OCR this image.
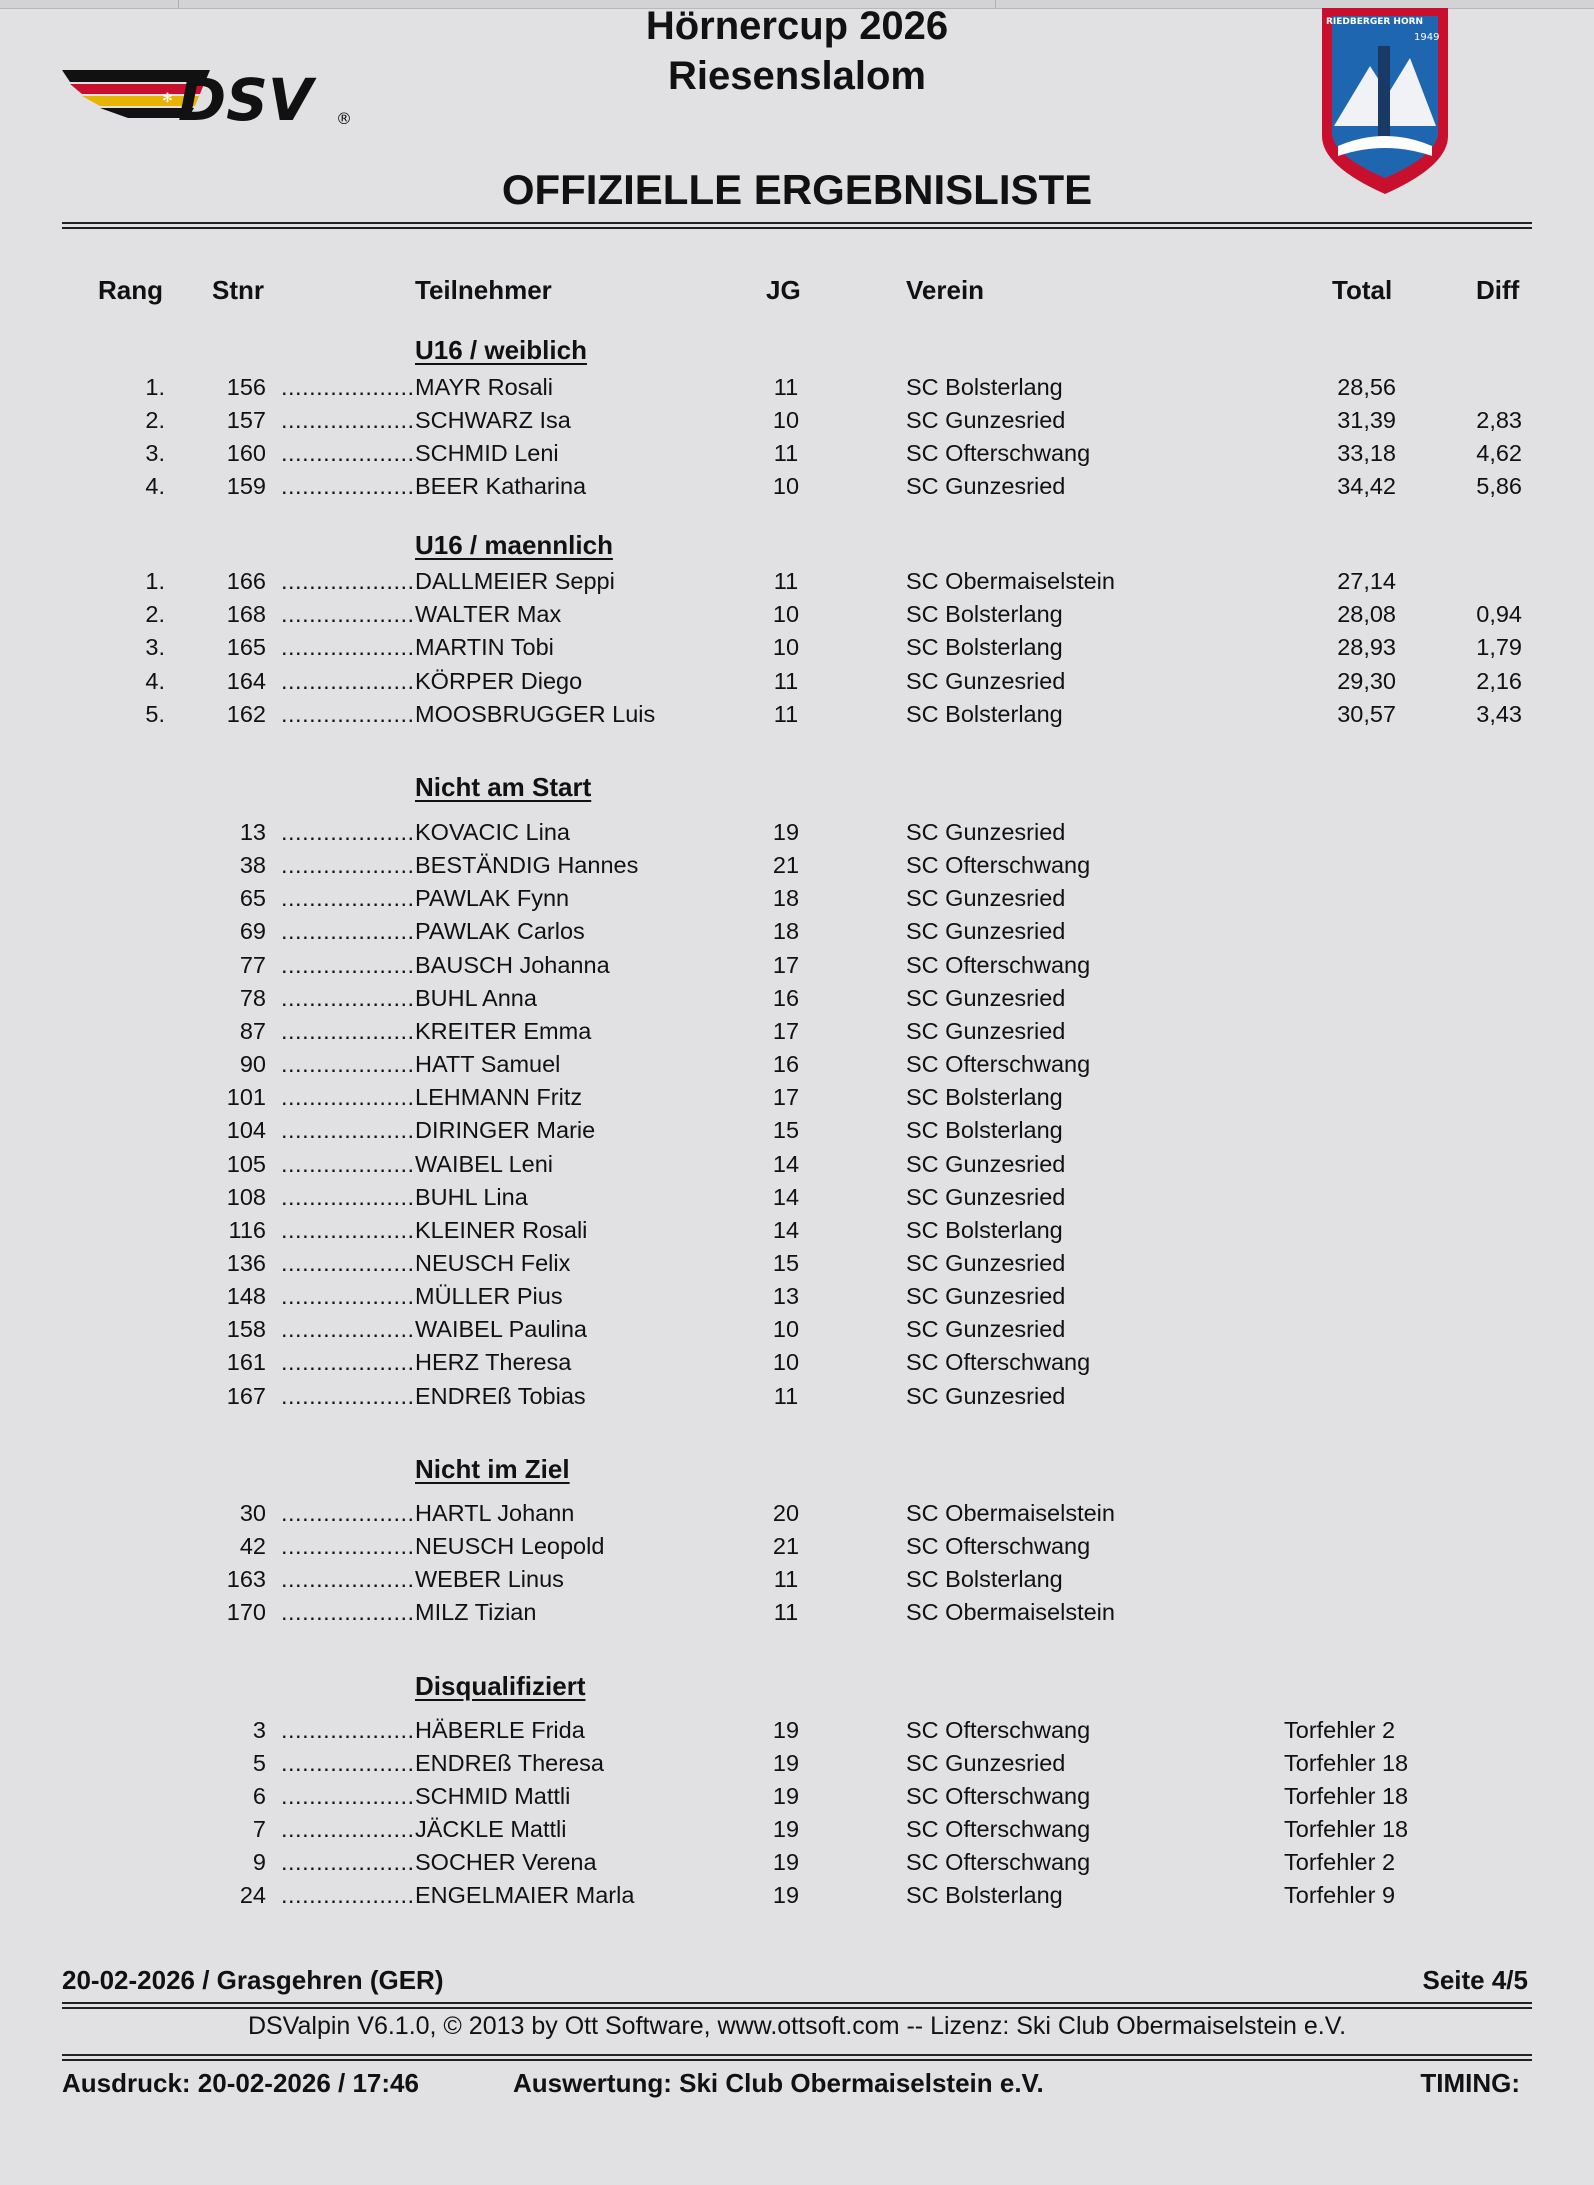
Hörnercup 2026
Riesenslalom
✻ DSV ®
RIEDBERGER HORN
1949
OFFIZIELLE ERGEBNISLISTE
Rang Stnr	Teilnehmer	JG	Verein	Total	Diff
U16 / weiblich
1.	156 ................... MAYR Rosali	11	SC Bolsterlang	28,56
2.	157 ................... SCHWARZ Isa	10	SC Gunzesried	31,39	2,83
3.	160 ................... SCHMID Leni	11	SC Ofterschwang	33,18	4,62
4.	159 ................... BEER Katharina	10	SC Gunzesried	34,42	5,86
U16 / maennlich
1.	166 ................... DALLMEIER Seppi	11	SC Obermaiselstein	27,14
2.	168 ................... WALTER Max	10	SC Bolsterlang	28,08	0,94
3.	165 ................... MARTIN Tobi	10	SC Bolsterlang	28,93	1,79
4.	164 ................... KÖRPER Diego	11	SC Gunzesried	29,30	2,16
5.	162 ................... MOOSBRUGGER Luis	11	SC Bolsterlang	30,57	3,43
Nicht am Start
13 ................... KOVACIC Lina	19	SC Gunzesried
38 ................... BESTÄNDIG Hannes	21	SC Ofterschwang
65 ................... PAWLAK Fynn	18	SC Gunzesried
69 ................... PAWLAK Carlos	18	SC Gunzesried
77 ................... BAUSCH Johanna	17	SC Ofterschwang
78 ................... BUHL Anna	16	SC Gunzesried
87 ................... KREITER Emma	17	SC Gunzesried
90 ................... HATT Samuel	16	SC Ofterschwang
101 ................... LEHMANN Fritz	17	SC Bolsterlang
104 ................... DIRINGER Marie	15	SC Bolsterlang
105 ................... WAIBEL Leni	14	SC Gunzesried
108 ................... BUHL Lina	14	SC Gunzesried
116 ................... KLEINER Rosali	14	SC Bolsterlang
136 ................... NEUSCH Felix	15	SC Gunzesried
148 ................... MÜLLER Pius	13	SC Gunzesried
158 ................... WAIBEL Paulina	10	SC Gunzesried
161 ................... HERZ Theresa	10	SC Ofterschwang
167 ................... ENDREß Tobias	11	SC Gunzesried
Nicht im Ziel
30 ................... HARTL Johann	20	SC Obermaiselstein
42 ................... NEUSCH Leopold	21	SC Ofterschwang
163 ................... WEBER Linus	11	SC Bolsterlang
170 ................... MILZ Tizian	11	SC Obermaiselstein
Disqualifiziert
3 ................... HÄBERLE Frida	19	SC Ofterschwang	Torfehler 2
5 ................... ENDREß Theresa	19	SC Gunzesried	Torfehler 18
6 ................... SCHMID Mattli	19	SC Ofterschwang	Torfehler 18
7 ................... JÄCKLE Mattli	19	SC Ofterschwang	Torfehler 18
9 ................... SOCHER Verena	19	SC Ofterschwang	Torfehler 2
24 ................... ENGELMAIER Marla	19	SC Bolsterlang	Torfehler 9
20-02-2026 / Grasgehren (GER)	Seite 4/5
DSValpin V6.1.0, © 2013 by Ott Software, www.ottsoft.com -- Lizenz: Ski Club Obermaiselstein e.V.
Ausdruck: 20-02-2026 / 17:46	Auswertung: Ski Club Obermaiselstein e.V.	TIMING:
